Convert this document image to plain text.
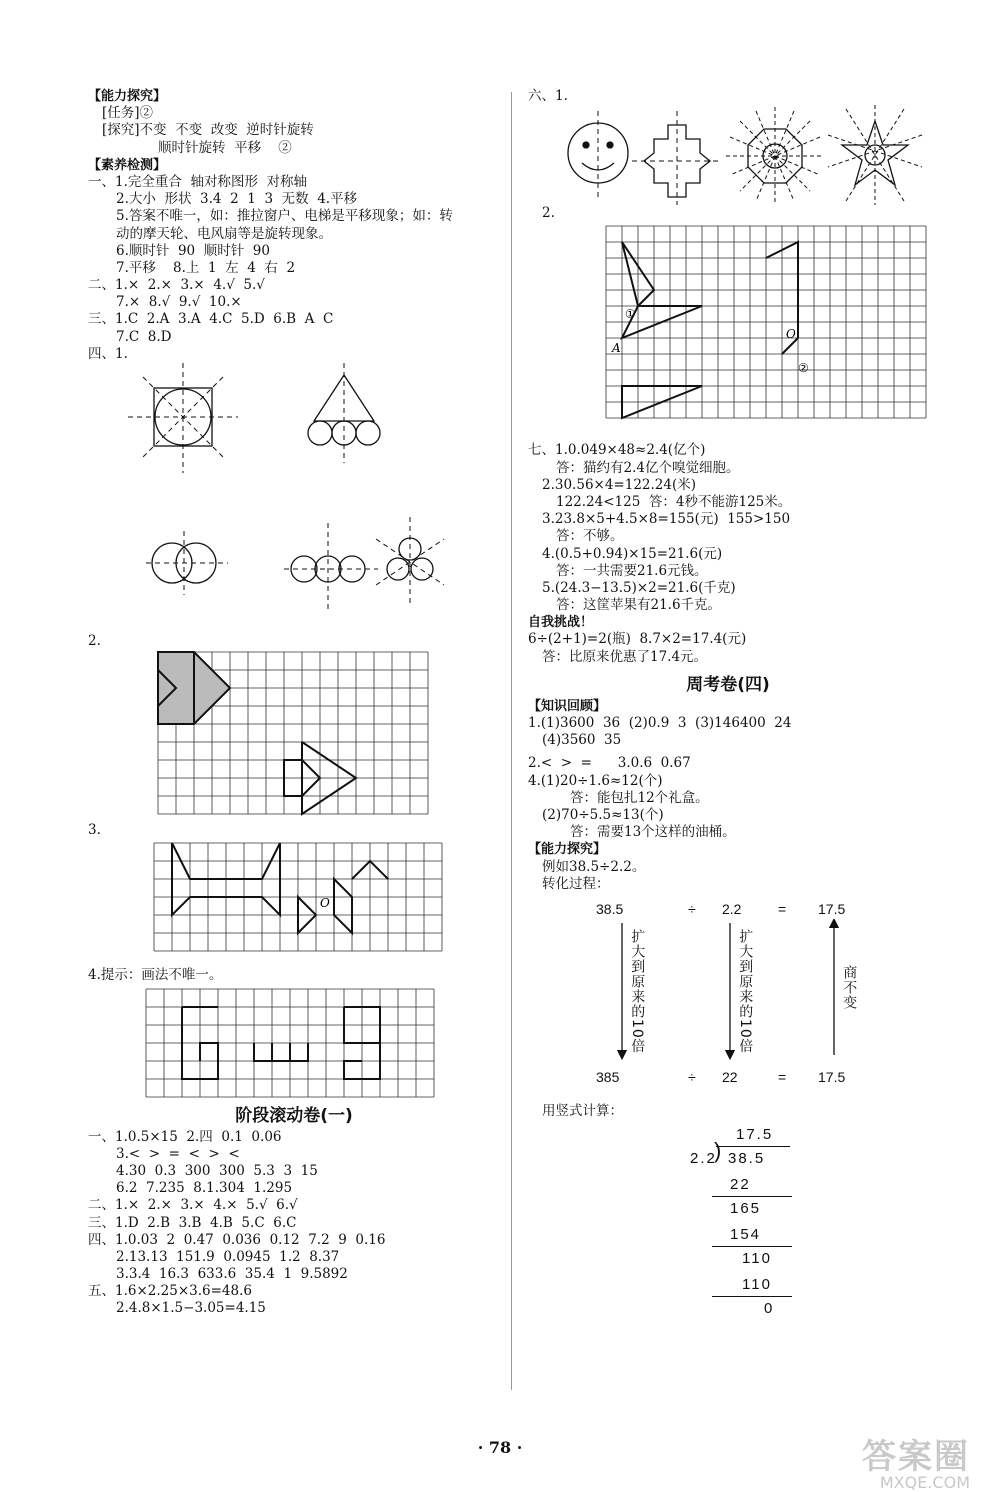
【能力探究】
[任务]②
[探究]不变  不变  改变  逆时针旋转
顺时针旋转  平移    ②
【素养检测】
一、1.完全重合  轴对称图形  对称轴
2.大小  形状  3.4  2  1  3  无数  4.平移
5.答案不唯一，如：推拉窗户、电梯是平移现象；如：转
动的摩天轮、电风扇等是旋转现象。
6.顺时针  90  顺时针  90
7.平移    8.上  1  左  4  右  2
二、1.×  2.×  3.×  4.√  5.√
7.×  8.√  9.√  10.×
三、1.C  2.A  3.A  4.C  5.D  6.B  A  C
7.C  8.D
四、1.
2.
3.
O
4.提示：画法不唯一。
阶段滚动卷(一)
一、1.0.5×15  2.四  0.1  0.06
3.<  >  =  <  >  <
4.30  0.3  300  300  5.3  3  15
6.2  7.235  8.1.304  1.295
二、1.×  2.×  3.×  4.×  5.√  6.√
三、1.D  2.B  3.B  4.B  5.C  6.C
四、1.0.03  2  0.47  0.036  0.12  7.2  9  0.16
2.13.13  151.9  0.0945  1.2  8.37
3.3.4  16.3  633.6  35.4  1  9.5892
五、1.6×2.25×3.6=48.6
2.4.8×1.5−3.05=4.15
六、1.
2.
①
O
A
②
七、1.0.049×48≈2.4(亿个)
答：猫约有2.4亿个嗅觉细胞。
2.30.56×4=122.24(米)
122.24<125  答：4秒不能游125米。
3.23.8×5+4.5×8=155(元)  155>150
答：不够。
4.(0.5+0.94)×15=21.6(元)
答：一共需要21.6元钱。
5.(24.3−13.5)×2=21.6(千克)
答：这筐苹果有21.6千克。
自我挑战！
6÷(2+1)=2(瓶)  8.7×2=17.4(元)
答：比原来优惠了17.4元。
周考卷(四)
【知识回顾】
1.(1)3600  36  (2)0.9  3  (3)146400  24
(4)3560  35
2.<  >  =      3.0.6  0.67
4.(1)20÷1.6≈12(个)
答：能包扎12个礼盒。
(2)70÷5.5≈13(个)
答：需要13个这样的油桶。
【能力探究】
例如38.5÷2.2。
转化过程：
38.5	÷ 2.2	= 17.5
扩大到原来的10倍	扩大到原来的10倍	商不变
385	÷ 22	= 17.5
用竖式计算：
17.5
2.2
) 38.5
22
165
154
110
110
0
· 78 ·	答案圈
MXQE.COM
